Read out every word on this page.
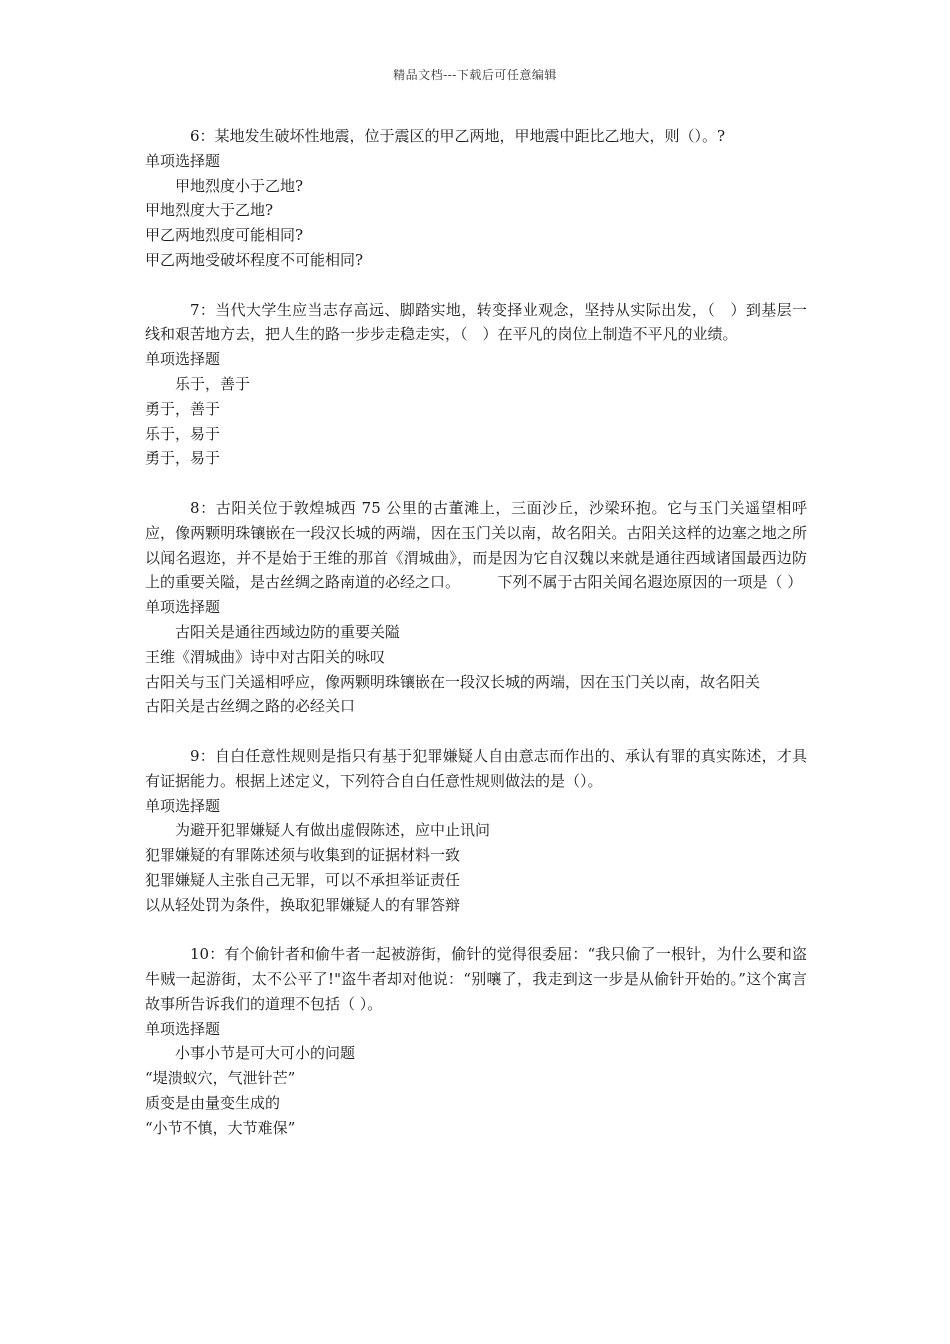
精品文档---下载后可任意编辑
6：某地发生破坏性地震，位于震区的甲乙两地，甲地震中距比乙地大，则（）。?
单项选择题
甲地烈度小于乙地?
甲地烈度大于乙地?
甲乙两地烈度可能相同?
甲乙两地受破坏程度不可能相同?
7：当代大学生应当志存高远、脚踏实地，转变择业观念，坚持从实际出发，（　）到基层一线和艰苦地方去，把人生的路一步步走稳走实，（　）在平凡的岗位上制造不平凡的业绩。
单项选择题
乐于，善于
勇于，善于
乐于，易于
勇于，易于
8：古阳关位于敦煌城西 75 公里的古董滩上，三面沙丘，沙梁环抱。它与玉门关遥望相呼应，像两颗明珠镶嵌在一段汉长城的两端，因在玉门关以南，故名阳关。古阳关这样的边塞之地之所以闻名遐迩，并不是始于王维的那首《渭城曲》，而是因为它自汉魏以来就是通往西域诸国最西边防上的重要关隘，是古丝绸之路南道的必经之口。　　　下列不属于古阳关闻名遐迩原因的一项是（ ）
单项选择题
古阳关是通往西域边防的重要关隘
王维《渭城曲》诗中对古阳关的咏叹
古阳关与玉门关遥相呼应，像两颗明珠镶嵌在一段汉长城的两端，因在玉门关以南，故名阳关
古阳关是古丝绸之路的必经关口
9：自白任意性规则是指只有基于犯罪嫌疑人自由意志而作出的、承认有罪的真实陈述，才具有证据能力。根据上述定义，下列符合自白任意性规则做法的是（）。
单项选择题
为避开犯罪嫌疑人有做出虚假陈述，应中止讯问
犯罪嫌疑的有罪陈述须与收集到的证据材料一致
犯罪嫌疑人主张自己无罪，可以不承担举证责任
以从轻处罚为条件，换取犯罪嫌疑人的有罪答辩
10：有个偷针者和偷牛者一起被游街，偷针的觉得很委屈：“我只偷了一根针，为什么要和盗牛贼一起游街，太不公平了!"盗牛者却对他说：“别嚷了，我走到这一步是从偷针开始的。”这个寓言故事所告诉我们的道理不包括（ ）。
单项选择题
小事小节是可大可小的问题
“堤溃蚁穴，气泄针芒”
质变是由量变生成的
“小节不慎，大节难保”
